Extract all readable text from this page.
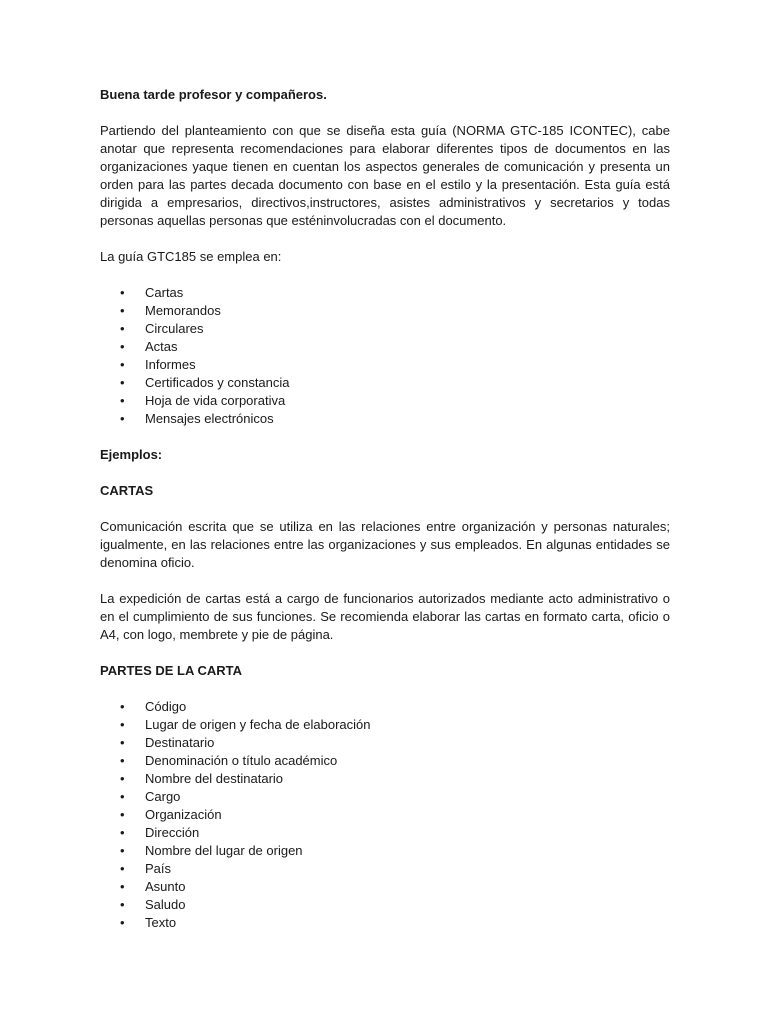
Buena tarde profesor y compañeros.

Partiendo del planteamiento con que se diseña esta guía (NORMA GTC-185 ICONTEC), cabe anotar que representa recomendaciones para elaborar diferentes tipos de documentos en las organizaciones yaque tienen en cuentan los aspectos generales de comunicación y presenta un orden para las partes decada documento con base en el estilo y la presentación. Esta guía está dirigida a empresarios, directivos,instructores, asistes administrativos y secretarios y todas personas aquellas personas que esténinvolucradas con el documento.

La guía GTC185 se emplea en:

• Cartas
• Memorandos
• Circulares
• Actas
• Informes
• Certificados y constancia
• Hoja de vida corporativa
• Mensajes electrónicos

Ejemplos:

CARTAS

Comunicación escrita que se utiliza en las relaciones entre organización y personas naturales; igualmente, en las relaciones entre las organizaciones y sus empleados. En algunas entidades se denomina oficio.

La expedición de cartas está a cargo de funcionarios autorizados mediante acto administrativo o en el cumplimiento de sus funciones. Se recomienda elaborar las cartas en formato carta, oficio o A4, con logo, membrete y pie de página.

PARTES DE LA CARTA

• Código
• Lugar de origen y fecha de elaboración
• Destinatario
• Denominación o título académico
• Nombre del destinatario
• Cargo
• Organización
• Dirección
• Nombre del lugar de origen
• País
• Asunto
• Saludo
• Texto
